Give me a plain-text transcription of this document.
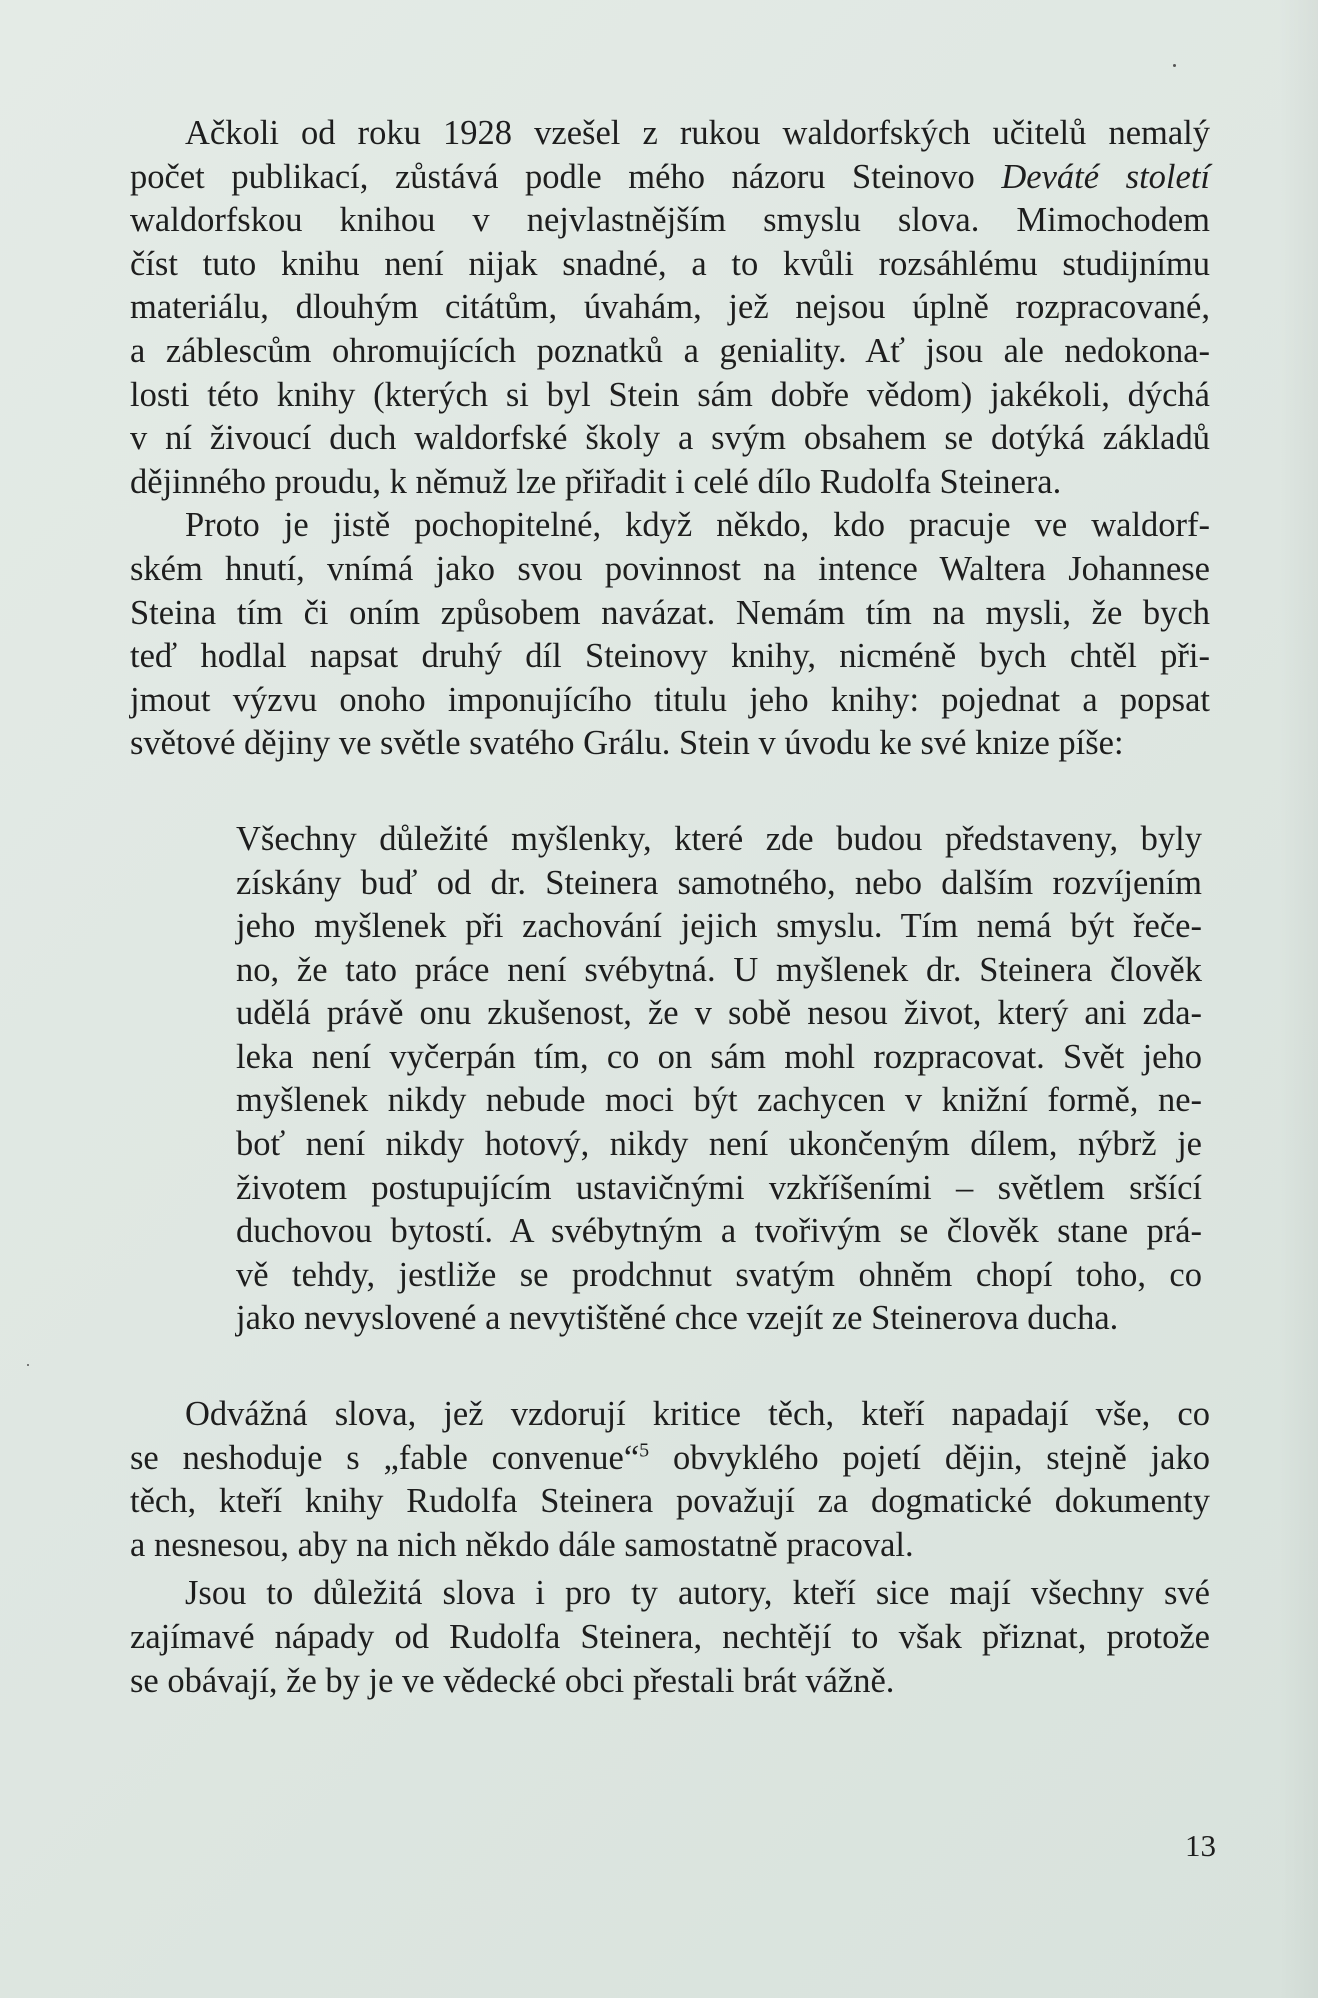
Ačkoli od roku 1928 vzešel z rukou waldorfských učitelů nemalý
počet publikací, zůstává podle mého názoru Steinovo Deváté století
waldorfskou knihou v nejvlastnějším smyslu slova. Mimochodem
číst tuto knihu není nijak snadné, a to kvůli rozsáhlému studijnímu
materiálu, dlouhým citátům, úvahám, jež nejsou úplně rozpracované,
a záblescům ohromujících poznatků a geniality. Ať jsou ale nedokona-
losti této knihy (kterých si byl Stein sám dobře vědom) jakékoli, dýchá
v ní živoucí duch waldorfské školy a svým obsahem se dotýká základů
dějinného proudu, k němuž lze přiřadit i celé dílo Rudolfa Steinera.
Proto je jistě pochopitelné, když někdo, kdo pracuje ve waldorf-
ském hnutí, vnímá jako svou povinnost na intence Waltera Johannese
Steina tím či oním způsobem navázat. Nemám tím na mysli, že bych
teď hodlal napsat druhý díl Steinovy knihy, nicméně bych chtěl při-
jmout výzvu onoho imponujícího titulu jeho knihy: pojednat a popsat
světové dějiny ve světle svatého Grálu. Stein v úvodu ke své knize píše:
Všechny důležité myšlenky, které zde budou představeny, byly
získány buď od dr. Steinera samotného, nebo dalším rozvíjením
jeho myšlenek při zachování jejich smyslu. Tím nemá být řeče-
no, že tato práce není svébytná. U myšlenek dr. Steinera člověk
udělá právě onu zkušenost, že v sobě nesou život, který ani zda-
leka není vyčerpán tím, co on sám mohl rozpracovat. Svět jeho
myšlenek nikdy nebude moci být zachycen v knižní formě, ne-
boť není nikdy hotový, nikdy není ukončeným dílem, nýbrž je
životem postupujícím ustavičnými vzkříšeními – světlem sršící
duchovou bytostí. A svébytným a tvořivým se člověk stane prá-
vě tehdy, jestliže se prodchnut svatým ohněm chopí toho, co
jako nevyslovené a nevytištěné chce vzejít ze Steinerova ducha.
Odvážná slova, jež vzdorují kritice těch, kteří napadají vše, co
se neshoduje s „fable convenue“$^5$ obvyklého pojetí dějin, stejně jako
těch, kteří knihy Rudolfa Steinera považují za dogmatické dokumenty
a nesnesou, aby na nich někdo dále samostatně pracoval.
Jsou to důležitá slova i pro ty autory, kteří sice mají všechny své
zajímavé nápady od Rudolfa Steinera, nechtějí to však přiznat, protože
se obávají, že by je ve vědecké obci přestali brát vážně.
13
